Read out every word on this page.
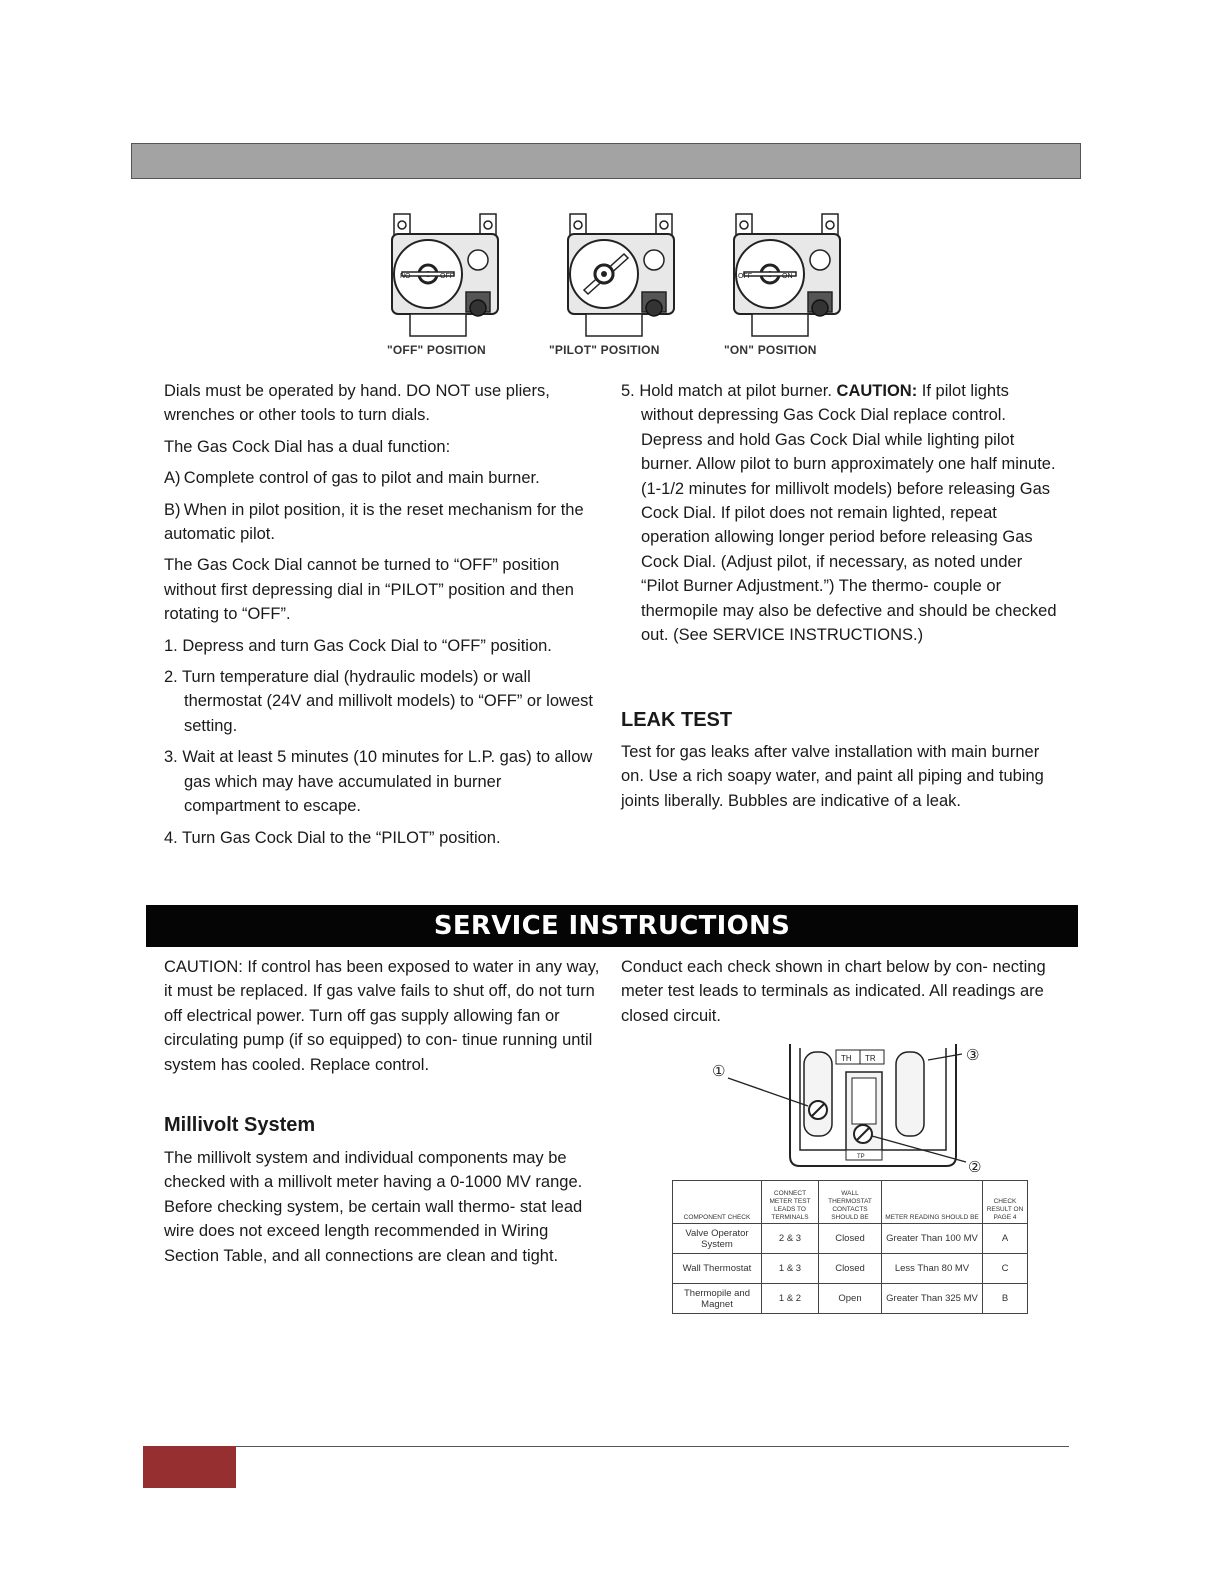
NO	OFF	OFF	ON
"OFF" POSITION	"PILOT" POSITION	"ON" POSITION

Dials must be operated by hand. DO NOT use pliers, wrenches or other tools to turn dials.

The Gas Cock Dial has a dual function:

A) Complete control of gas to pilot and main burner.

B) When in pilot position, it is the reset mechanism for the automatic pilot.

The Gas Cock Dial cannot be turned to “OFF” position without first depressing dial in “PILOT” position and then rotating to “OFF”.

1. Depress and turn Gas Cock Dial to “OFF” position.

2. Turn temperature dial (hydraulic models) or wall thermostat (24V and millivolt models) to “OFF” or lowest setting.

3. Wait at least 5 minutes (10 minutes for L.P. gas) to allow gas which may have accumulated in burner compartment to escape.

4. Turn Gas Cock Dial to the “PILOT” position.

5. Hold match at pilot burner. CAUTION: If pilot lights without depressing Gas Cock Dial replace control. Depress and hold Gas Cock Dial while lighting pilot burner. Allow pilot to burn approximately one half minute. (1-1/2 minutes for millivolt models) before releasing Gas Cock Dial. If pilot does not remain lighted, repeat operation allowing longer period before releasing Gas Cock Dial. (Adjust pilot, if necessary, as noted under “Pilot Burner Adjustment.”) The thermo- couple or thermopile may also be defective and should be checked out. (See SERVICE INSTRUCTIONS.)

LEAK TEST
Test for gas leaks after valve installation with main burner on. Use a rich soapy water, and paint all piping and tubing joints liberally. Bubbles are indicative of a leak.
SERVICE INSTRUCTIONS
CAUTION: If control has been exposed to water in any way, it must be replaced. If gas valve fails to shut off, do not turn off electrical power. Turn off gas supply allowing fan or circulating pump (if so equipped) to con- tinue running until system has cooled. Replace control.
Millivolt System
The millivolt system and individual components may be checked with a millivolt meter having a 0-1000 MV range. Before checking system, be certain wall thermo- stat lead wire does not exceed length recommended in Wiring Section Table, and all connections are clean and tight.
Conduct each check shown in chart below by con- necting meter test leads to terminals as indicated. All readings are closed circuit.
TH TR
TP
①
③
②
COMPONENT CHECK	CONNECT METER TEST LEADS TO TERMINALS	WALL THERMOSTAT CONTACTS SHOULD BE	METER READING SHOULD BE	CHECK RESULT ON PAGE 4
Valve Operator System	2 & 3	Closed	Greater Than 100 MV	A
Wall Thermostat	1 & 3	Closed	Less Than 80 MV	C
Thermopile and Magnet	1 & 2	Open	Greater Than 325 MV	B
